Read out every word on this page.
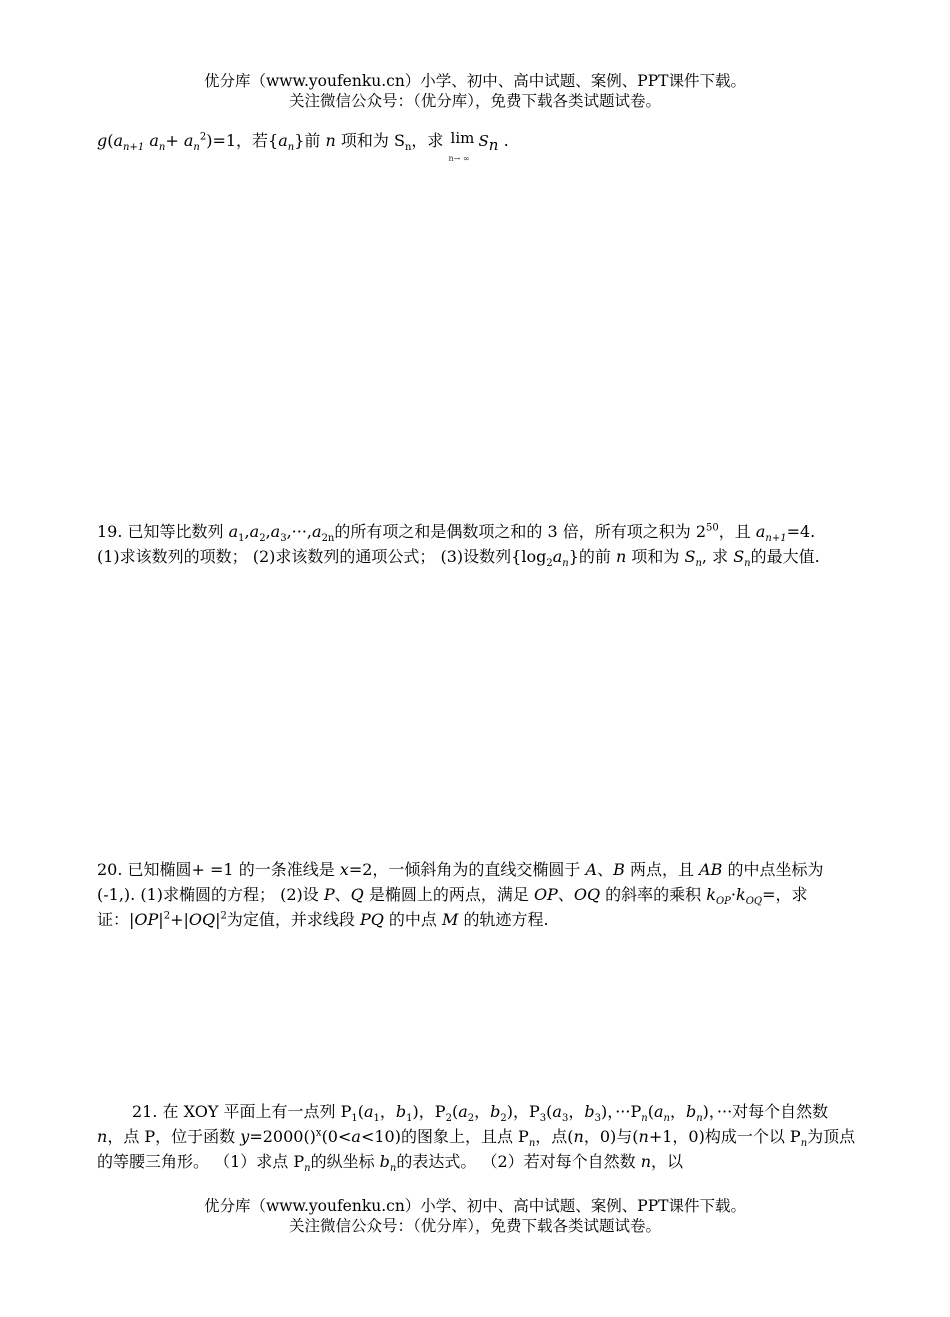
优分库（www.youfenku.cn）小学、初中、高中试题、案例、PPT课件下载。
关注微信公众号：（优分库），免费下载各类试题试卷。
$g(a_{n+1}$ $a_n+ a_n^2)=1$，若$\{a_n\}$前 n 项和为 $S_n$，求 lim
n→ ∞
$S_n$ .
19. 已知等比数列 $a_1,a_2,a_3,\cdot\cdot\cdot,a_{2n}$的所有项之和是偶数项之和的 3 倍，所有项之积为 $2^{50}$，且 $a_{n+1}=4$.
(1)求该数列的项数； (2)求该数列的通项公式； (3)设数列$\{\log_2a_n\}$的前 n 项和为 $S_n$, 求 $S_n$的最大值.
20. 已知椭圆+ =1 的一条准线是 x=2，一倾斜角为的直线交椭圆于 A、B 两点，且 AB 的中点坐标为(-1,). (1)求椭圆的方程； (2)设 P、Q 是椭圆上的两点，满足 OP、OQ 的斜率的乘积 $k_{OP}\cdot k_{OQ}=$，求证：$|OP|^2+|OQ|^2$为定值，并求线段 PQ 的中点 M 的轨迹方程.
21. 在 XOY 平面上有一点列 $P_1(a_1$，$b_1$)，$P_2(a_2$，$b_2$)，$P_3(a_3$，$b_3$)，$\cdot\cdot\cdot P_n(a_n$，$b_n$)，···对每个自然数 n，点 P，位于函数 y=2000()$^x$(0<a<10)的图象上，且点 $P_n$，点(n，0)与(n+1，0)构成一个以 $P_n$为顶点的等腰三角形。 （1）求点 $P_n$的纵坐标 $b_n$的表达式。 （2）若对每个自然数 n，以
优分库（www.youfenku.cn）小学、初中、高中试题、案例、PPT课件下载。
关注微信公众号：（优分库），免费下载各类试题试卷。
